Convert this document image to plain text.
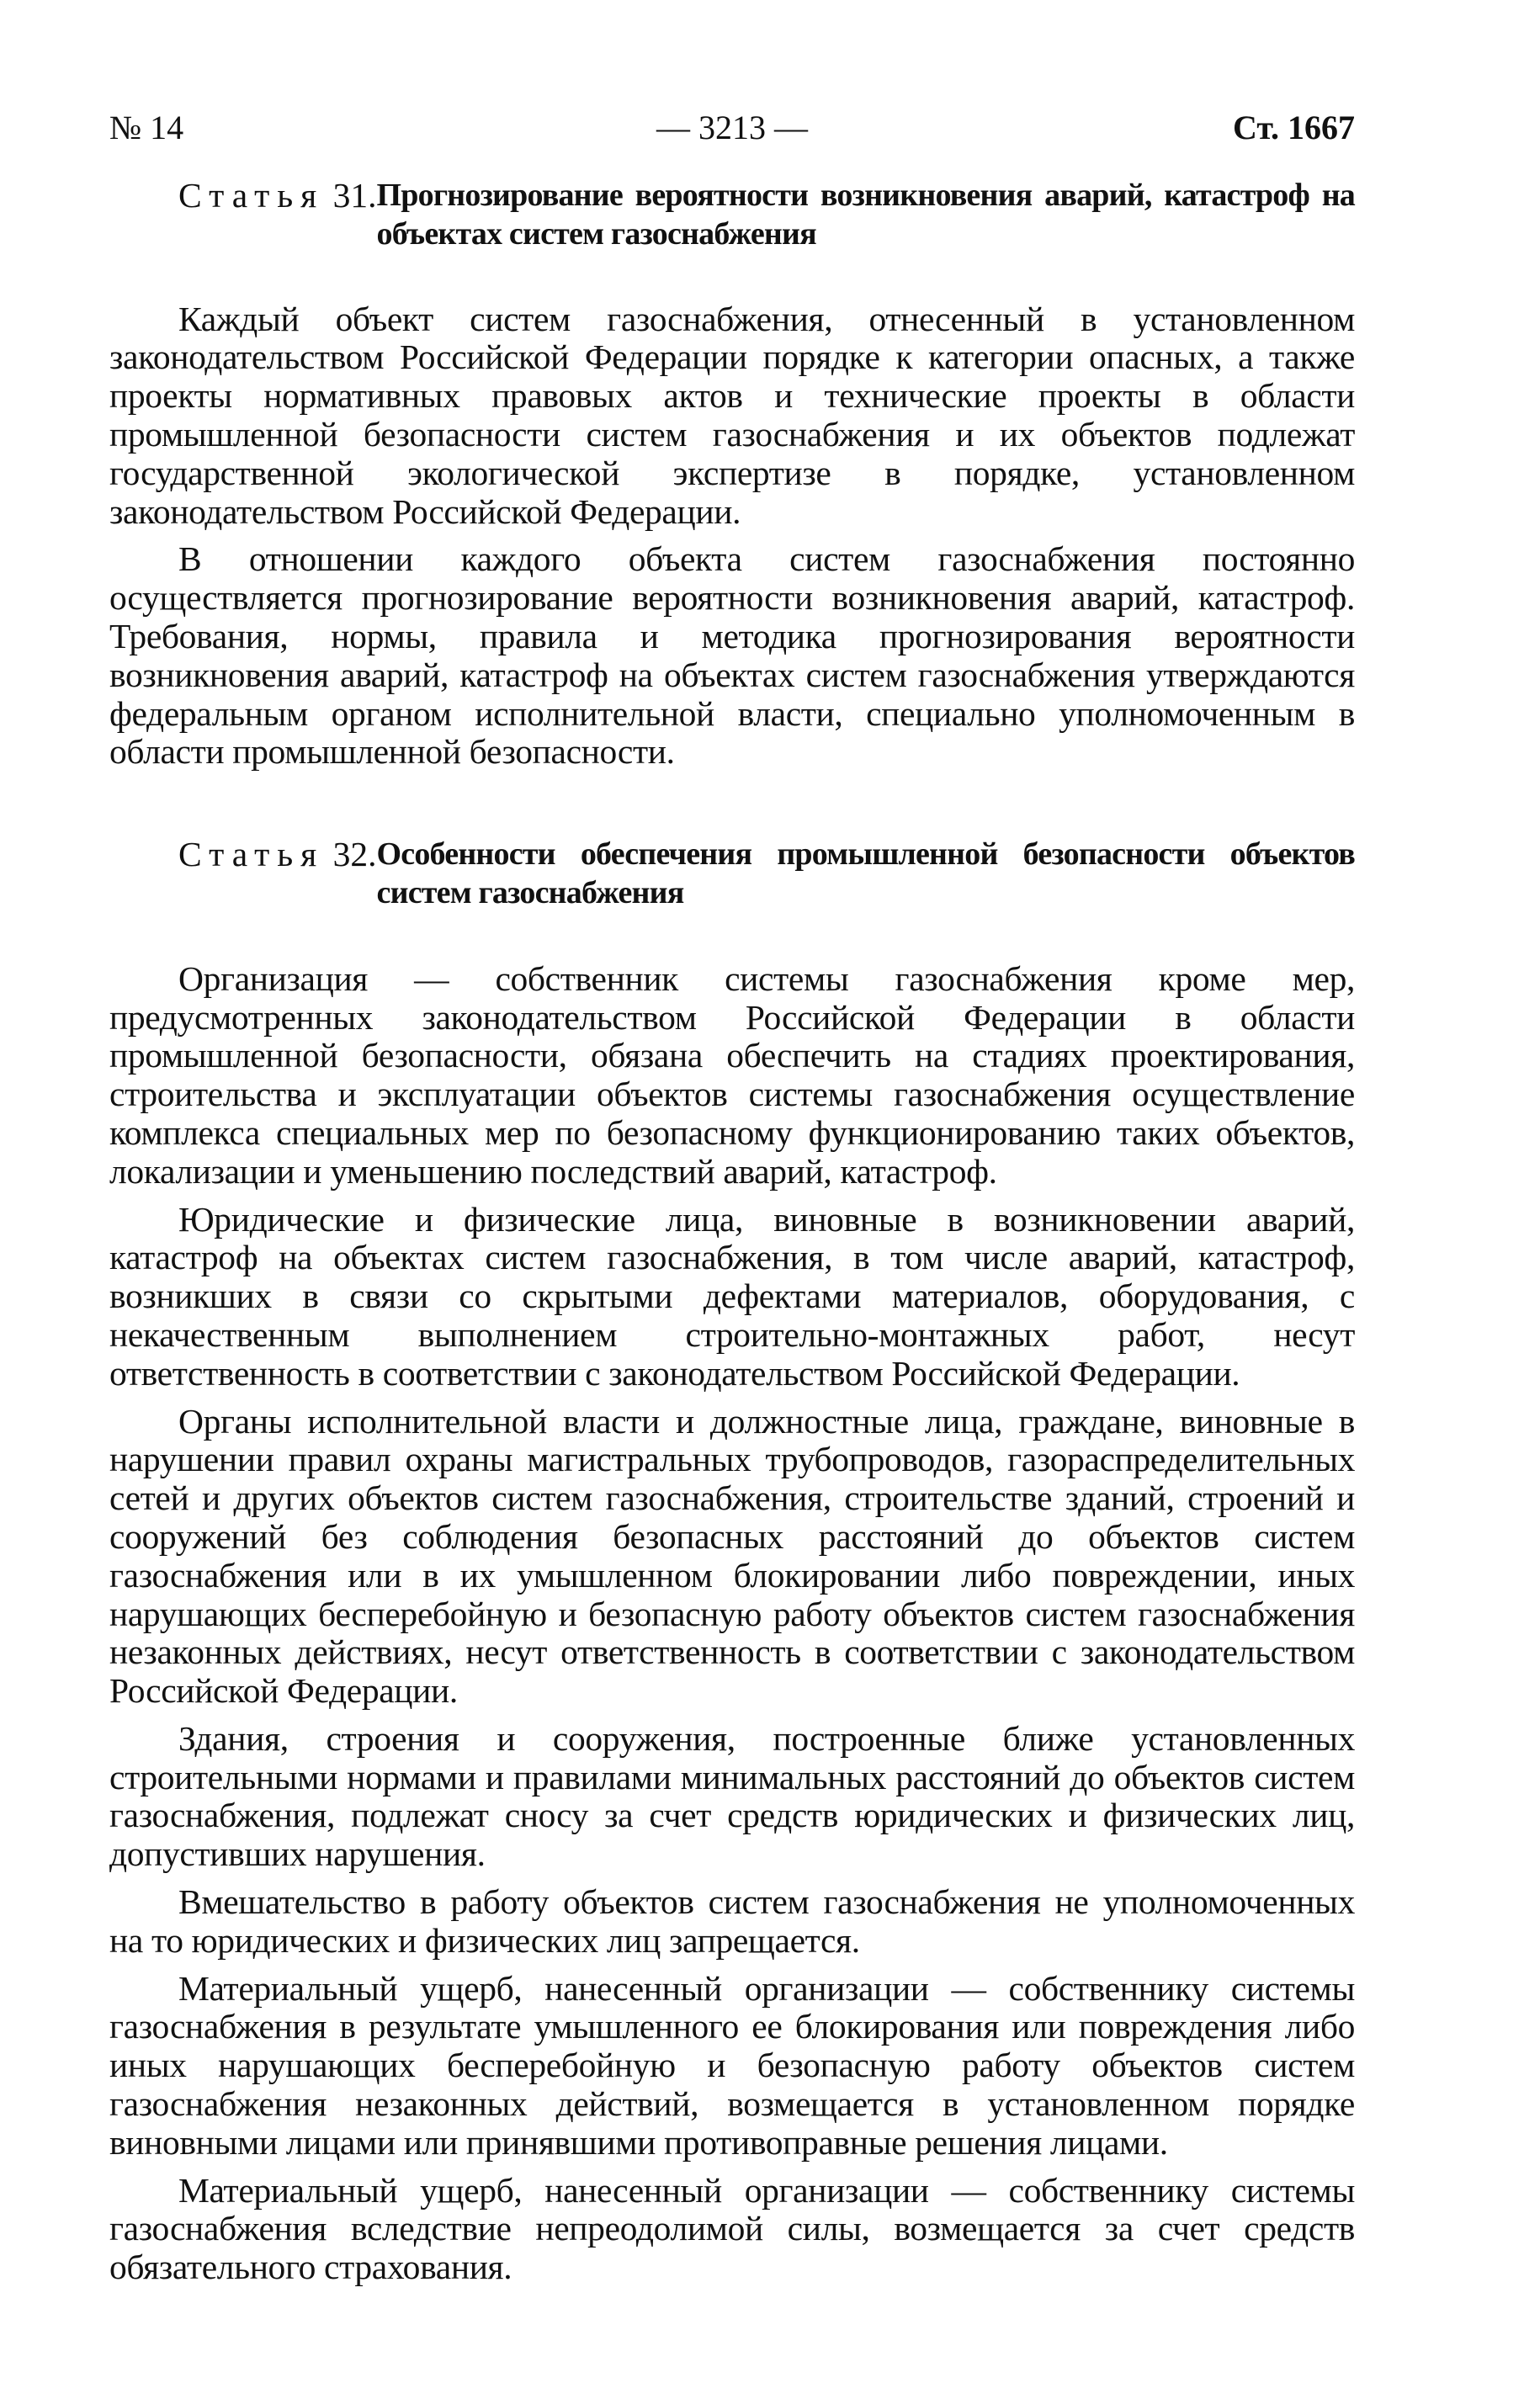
№ 14	— 3213 —	Ст. 1667
Статья 31. Прогнозирование вероятности возникновения аварий, катастроф на объектах систем газоснабжения

Каждый объект систем газоснабжения, отнесенный в установленном законодательством Российской Федерации порядке к категории опасных, а также проекты нормативных правовых актов и технические проекты в области промышленной безопасности систем газоснабжения и их объектов подлежат государственной экологической экспертизе в порядке, установленном законодательством Российской Федерации.

В отношении каждого объекта систем газоснабжения постоянно осуществляется прогнозирование вероятности возникновения аварий, катастроф. Требования, нормы, правила и методика прогнозирования вероятности возникновения аварий, катастроф на объектах систем газоснабжения утверждаются федеральным органом исполнительной власти, специально уполномоченным в области промышленной безопасности.

Статья 32. Особенности обеспечения промышленной безопасности объектов систем газоснабжения

Организация — собственник системы газоснабжения кроме мер, предусмотренных законодательством Российской Федерации в области промышленной безопасности, обязана обеспечить на стадиях проектирования, строительства и эксплуатации объектов системы газоснабжения осуществление комплекса специальных мер по безопасному функционированию таких объектов, локализации и уменьшению последствий аварий, катастроф.

Юридические и физические лица, виновные в возникновении аварий, катастроф на объектах систем газоснабжения, в том числе аварий, катастроф, возникших в связи со скрытыми дефектами материалов, оборудования, с некачественным выполнением строительно-монтажных работ, несут ответственность в соответствии с законодательством Российской Федерации.

Органы исполнительной власти и должностные лица, граждане, виновные в нарушении правил охраны магистральных трубопроводов, газораспределительных сетей и других объектов систем газоснабжения, строительстве зданий, строений и сооружений без соблюдения безопасных расстояний до объектов систем газоснабжения или в их умышленном блокировании либо повреждении, иных нарушающих бесперебойную и безопасную работу объектов систем газоснабжения незаконных действиях, несут ответственность в соответствии с законодательством Российской Федерации.

Здания, строения и сооружения, построенные ближе установленных строительными нормами и правилами минимальных расстояний до объектов систем газоснабжения, подлежат сносу за счет средств юридических и физических лиц, допустивших нарушения.

Вмешательство в работу объектов систем газоснабжения не уполномоченных на то юридических и физических лиц запрещается.

Материальный ущерб, нанесенный организации — собственнику системы газоснабжения в результате умышленного ее блокирования или повреждения либо иных нарушающих бесперебойную и безопасную работу объектов систем газоснабжения незаконных действий, возмещается в установленном порядке виновными лицами или принявшими противоправные решения лицами.

Материальный ущерб, нанесенный организации — собственнику системы газоснабжения вследствие непреодолимой силы, возмещается за счет средств обязательного страхования.
